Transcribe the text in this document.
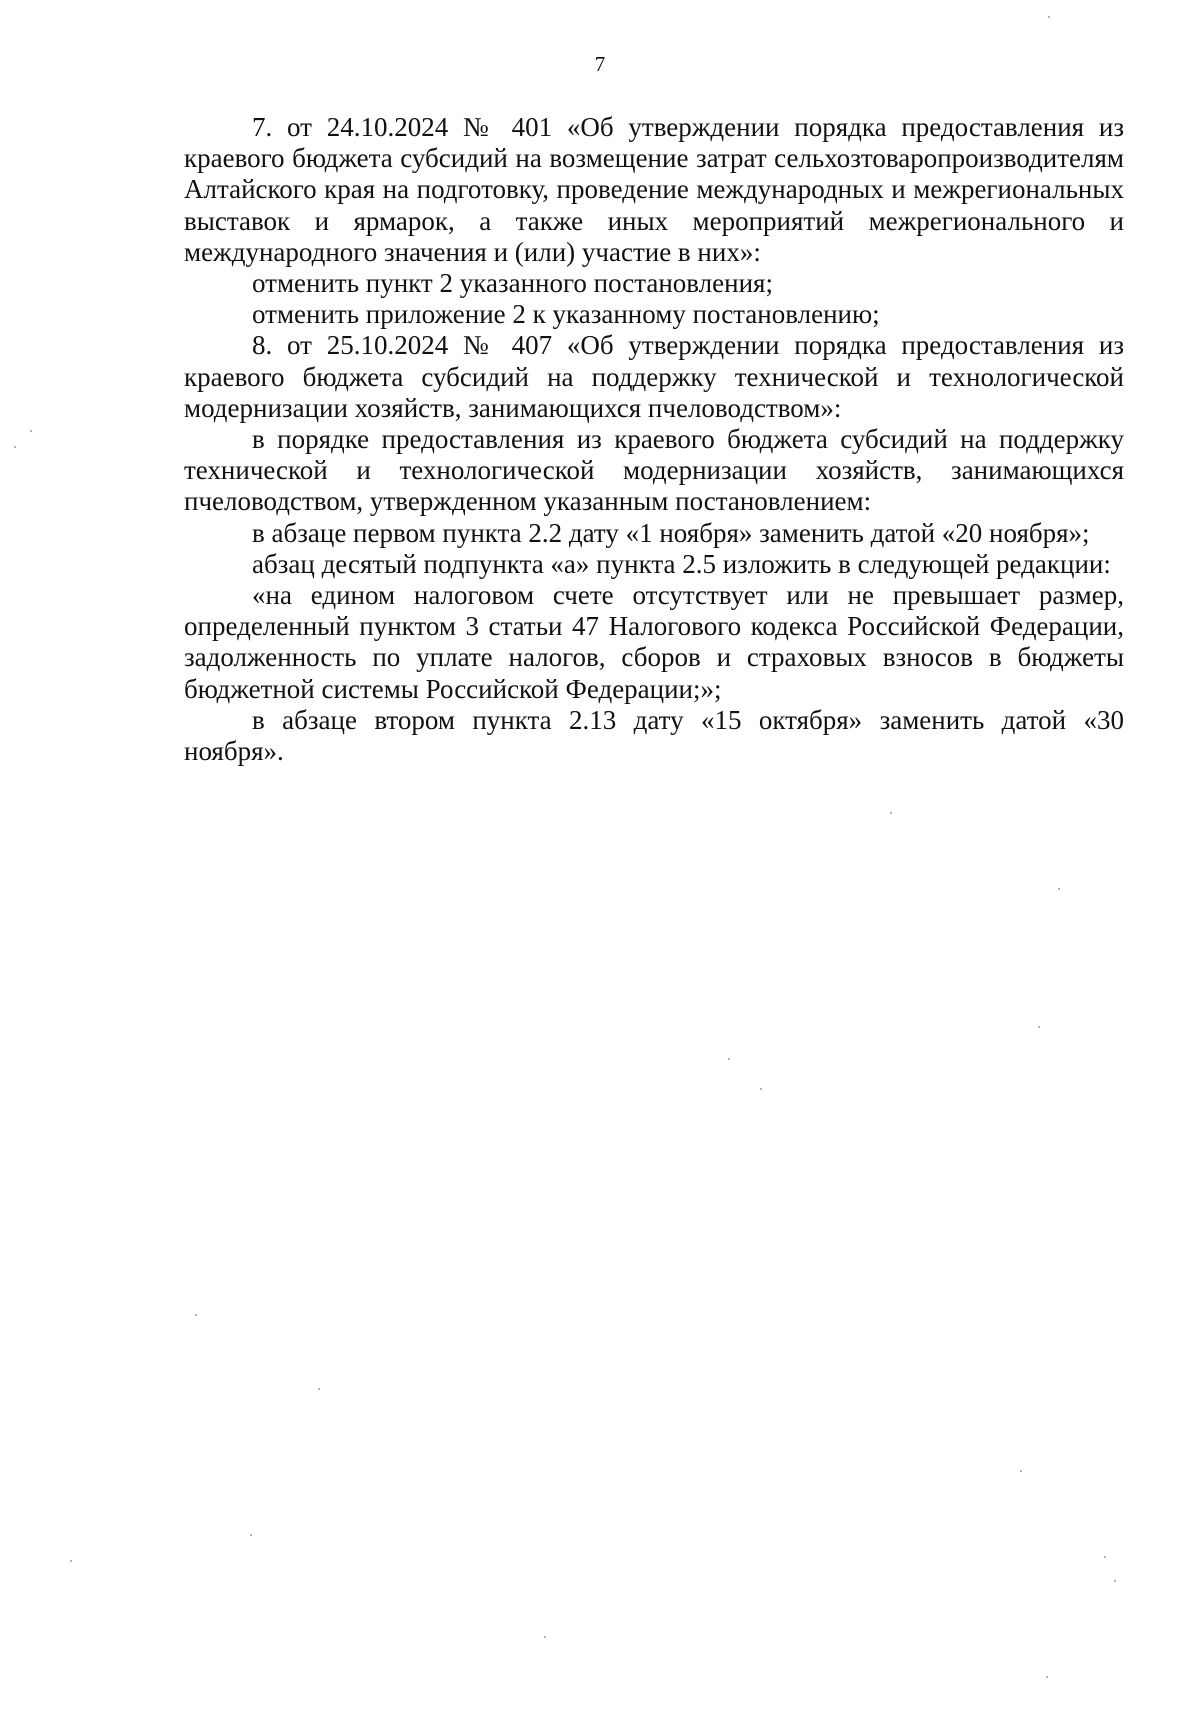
7

7. от 24.10.2024 № 401 «Об утверждении порядка предоставления из краевого бюджета субсидий на возмещение затрат сельхозтоваропроизводителям Алтайского края на подготовку, проведение международных и межрегиональных выставок и ярмарок, а также иных мероприятий межрегионального и международного значения и (или) участие в них»:

отменить пункт 2 указанного постановления;

отменить приложение 2 к указанному постановлению;

8. от 25.10.2024 № 407 «Об утверждении порядка предоставления из краевого бюджета субсидий на поддержку технической и технологической модернизации хозяйств, занимающихся пчеловодством»:

в порядке предоставления из краевого бюджета субсидий на поддержку технической и технологической модернизации хозяйств, занимающихся пчеловодством, утвержденном указанным постановлением:

в абзаце первом пункта 2.2 дату «1 ноября» заменить датой «20 ноября»;

абзац десятый подпункта «а» пункта 2.5 изложить в следующей редакции:

«на едином налоговом счете отсутствует или не превышает размер, определенный пунктом 3 статьи 47 Налогового кодекса Российской Федерации, задолженность по уплате налогов, сборов и страховых взносов в бюджеты бюджетной системы Российской Федерации;»;

в абзаце втором пункта 2.13 дату «15 октября» заменить датой «30 ноября».
